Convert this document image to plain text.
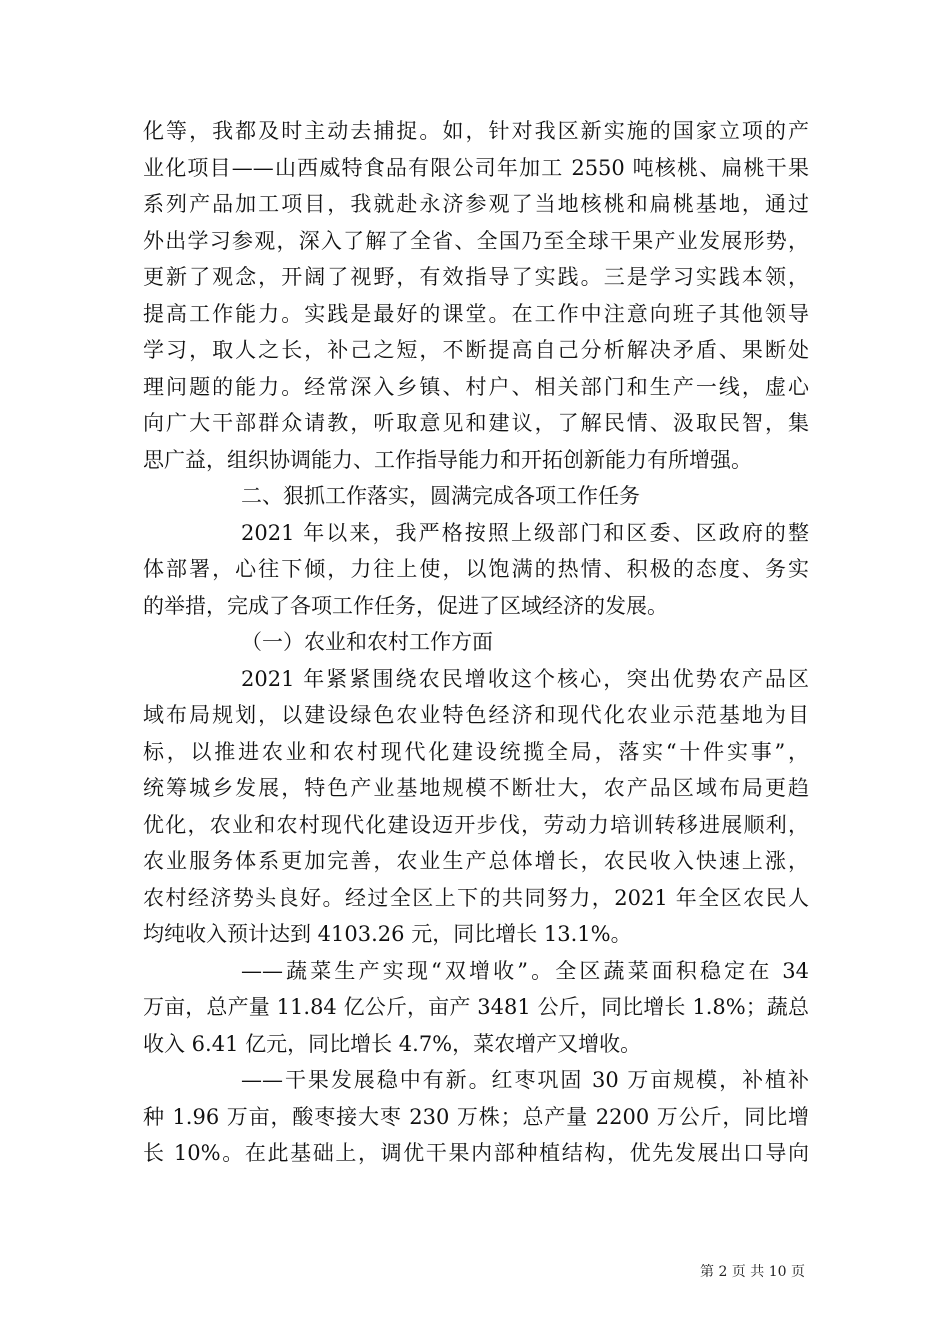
化等，我都及时主动去捕捉。如，针对我区新实施的国家立项的产
业化项目——山西威特食品有限公司年加工 2550 吨核桃、扁桃干果
系列产品加工项目，我就赴永济参观了当地核桃和扁桃基地，通过
外出学习参观，深入了解了全省、全国乃至全球干果产业发展形势，
更新了观念，开阔了视野，有效指导了实践。三是学习实践本领，
提高工作能力。实践是最好的课堂。在工作中注意向班子其他领导
学习，取人之长，补己之短，不断提高自己分析解决矛盾、果断处
理问题的能力。经常深入乡镇、村户、相关部门和生产一线，虚心
向广大干部群众请教，听取意见和建议，了解民情、汲取民智，集
思广益，组织协调能力、工作指导能力和开拓创新能力有所增强。
二、狠抓工作落实，圆满完成各项工作任务
2021 年以来，我严格按照上级部门和区委、区政府的整
体部署，心往下倾，力往上使，以饱满的热情、积极的态度、务实
的举措，完成了各项工作任务，促进了区域经济的发展。
（一）农业和农村工作方面
2021 年紧紧围绕农民增收这个核心，突出优势农产品区
域布局规划，以建设绿色农业特色经济和现代化农业示范基地为目
标，以推进农业和农村现代化建设统揽全局，落实“十件实事”，
统筹城乡发展，特色产业基地规模不断壮大，农产品区域布局更趋
优化，农业和农村现代化建设迈开步伐，劳动力培训转移进展顺利，
农业服务体系更加完善，农业生产总体增长，农民收入快速上涨，
农村经济势头良好。经过全区上下的共同努力，2021 年全区农民人
均纯收入预计达到 4103.26 元，同比增长 13.1%。
——蔬菜生产实现“双增收”。全区蔬菜面积稳定在 34
万亩，总产量 11.84 亿公斤，亩产 3481 公斤，同比增长 1.8%；蔬总
收入 6.41 亿元，同比增长 4.7%，菜农增产又增收。
——干果发展稳中有新。红枣巩固 30 万亩规模，补植补
种 1.96 万亩，酸枣接大枣 230 万株；总产量 2200 万公斤，同比增
长 10%。在此基础上，调优干果内部种植结构，优先发展出口导向
第 2 页 共 10 页
